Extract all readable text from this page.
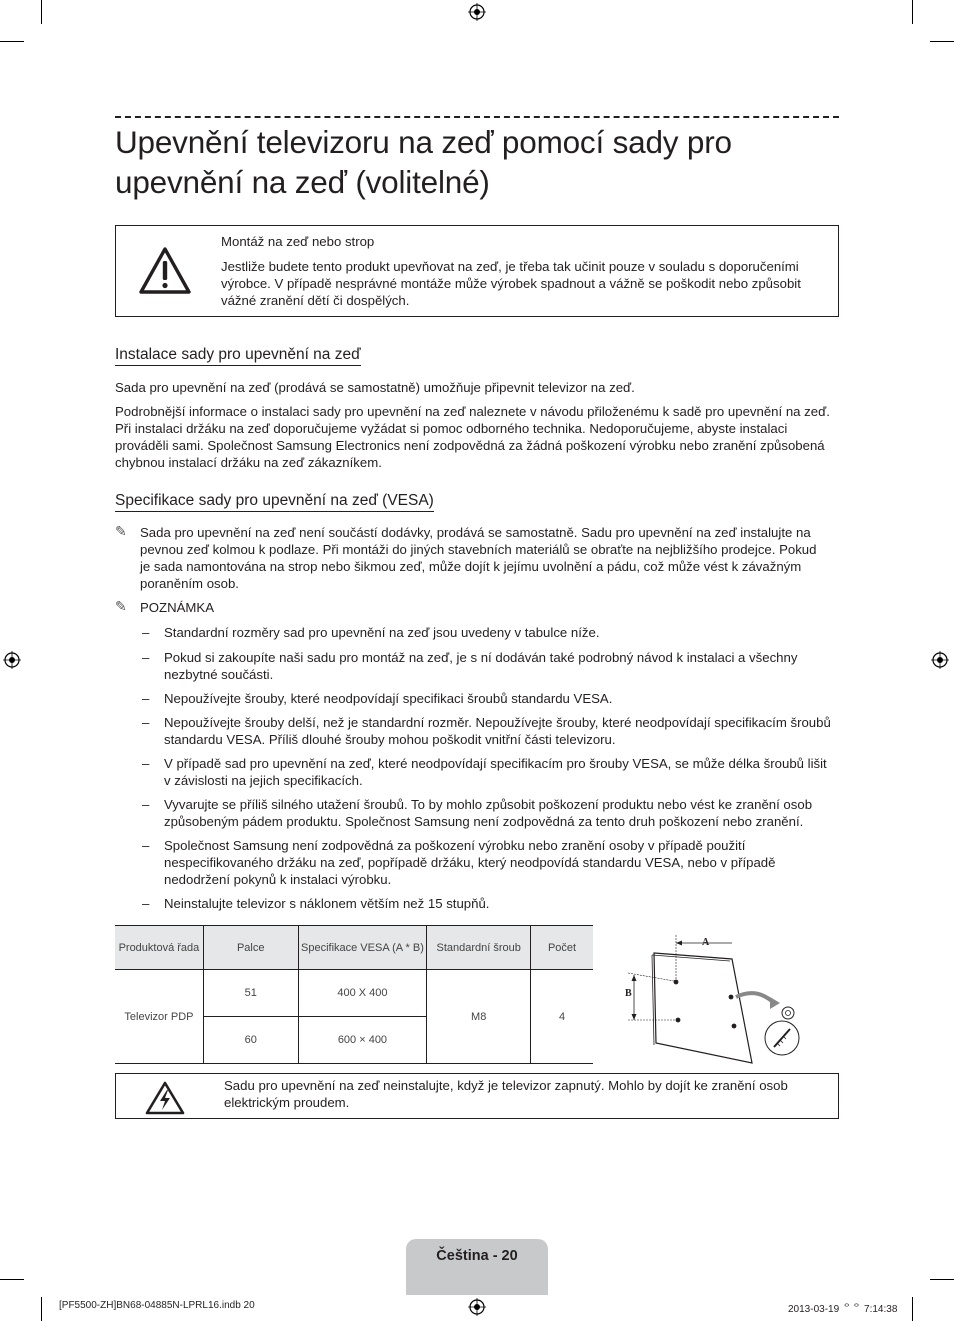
Upevnění televizoru na zeď pomocí sady pro upevnění na zeď (volitelné)
Montáž na zeď nebo strop
Jestliže budete tento produkt upevňovat na zeď, je třeba tak učinit pouze v souladu s doporučeními výrobce. V případě nesprávné montáže může výrobek spadnout a vážně se poškodit nebo způsobit vážné zranění dětí či dospělých.
Instalace sady pro upevnění na zeď

Sada pro upevnění na zeď (prodává se samostatně) umožňuje připevnit televizor na zeď.

Podrobnější informace o instalaci sady pro upevnění na zeď naleznete v návodu přiloženému k sadě pro upevnění na zeď. Při instalaci držáku na zeď doporučujeme vyžádat si pomoc odborného technika. Nedoporučujeme, abyste instalaci prováděli sami. Společnost Samsung Electronics není zodpovědná za žádná poškození výrobku nebo zranění způsobená chybnou instalací držáku na zeď zákazníkem.

Specifikace sady pro upevnění na zeď (VESA)
✎ Sada pro upevnění na zeď není součástí dodávky, prodává se samostatně. Sadu pro upevnění na zeď instalujte na pevnou zeď kolmou k podlaze. Při montáži do jiných stavebních materiálů se obraťte na nejbližšího prodejce. Pokud je sada namontována na strop nebo šikmou zeď, může dojít k jejímu uvolnění a pádu, což může vést k závažným poraněním osob.

✎ POZNÁMKA
– Standardní rozměry sad pro upevnění na zeď jsou uvedeny v tabulce níže.
– Pokud si zakoupíte naši sadu pro montáž na zeď, je s ní dodáván také podrobný návod k instalaci a všechny nezbytné součásti.
– Nepoužívejte šrouby, které neodpovídají specifikaci šroubů standardu VESA.
– Nepoužívejte šrouby delší, než je standardní rozměr. Nepoužívejte šrouby, které neodpovídají specifikacím šroubů standardu VESA. Příliš dlouhé šrouby mohou poškodit vnitřní části televizoru.
– V případě sad pro upevnění na zeď, které neodpovídají specifikacím pro šrouby VESA, se může délka šroubů lišit v závislosti na jejich specifikacích.
– Vyvarujte se příliš silného utažení šroubů. To by mohlo způsobit poškození produktu nebo vést ke zranění osob způsobeným pádem produktu. Společnost Samsung není zodpovědná za tento druh poškození nebo zranění.
– Společnost Samsung není zodpovědná za poškození výrobku nebo zranění osoby v případě použití nespecifikovaného držáku na zeď, popřípadě držáku, který neodpovídá standardu VESA, nebo v případě nedodržení pokynů k instalaci výrobku.
– Neinstalujte televizor s náklonem větším než 15 stupňů.
Produktová řada	Palce	Specifikace VESA (A * B)	Standardní šroub	Počet
Televizor PDP	51	400 X 400	M8	4
	60	600 × 400		
A
B
Sadu pro upevnění na zeď neinstalujte, když je televizor zapnutý. Mohlo by dojít ke zranění osob elektrickým proudem.
Čeština - 20
[PF5500-ZH]BN68-04885N-LPRL16.indb 20	2013-03-19 ᄋᄋ 7:14:38
